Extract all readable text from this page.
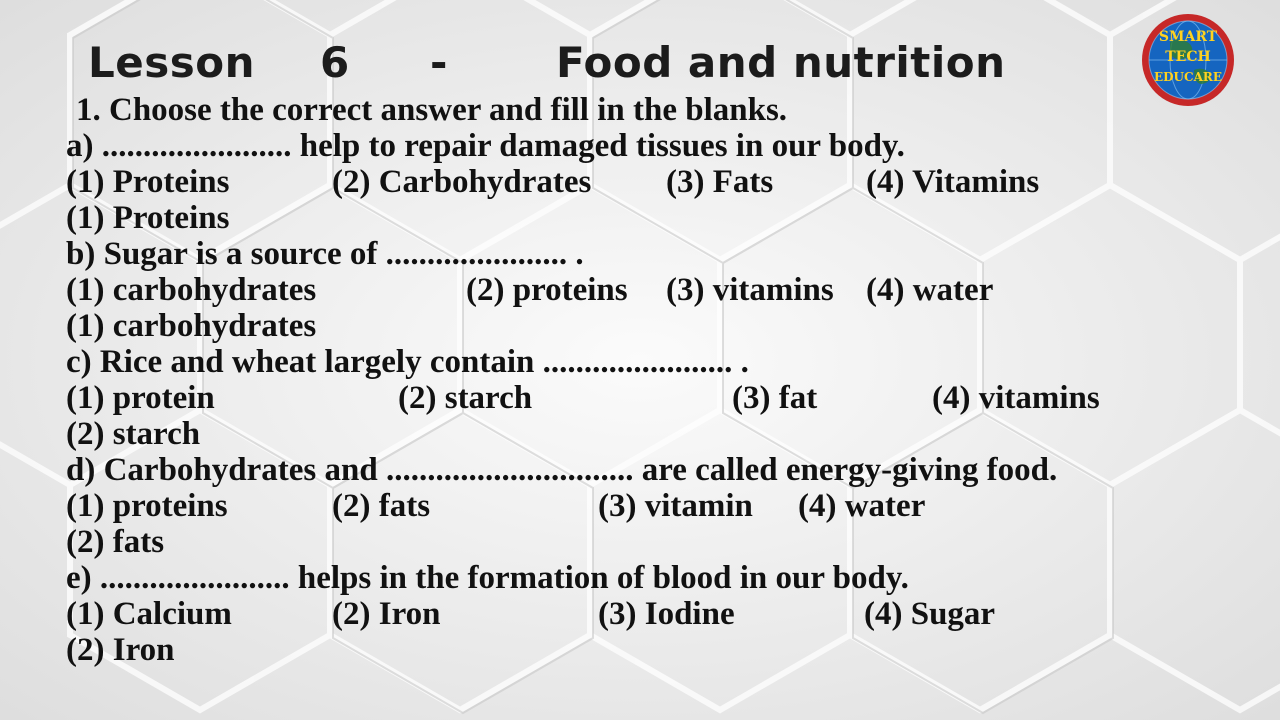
Lesson 6 -	Food and nutrition
SMART
TECH
EDUCARE
1. Choose the correct answer and fill in the blanks.
a) ....................... help to repair damaged tissues in our body.
(1) Proteins	(2) Carbohydrates (3) Fats	(4) Vitamins
(1) Proteins
b) Sugar is a source of ...................... .
(1) carbohydrates	(2) proteins (3) vitamins (4) water
(1) carbohydrates
c) Rice and wheat largely contain ....................... .
(1) protein	(2) starch	(3) fat	(4) vitamins
(2) starch
d) Carbohydrates and .............................. are called energy-giving food.
(1) proteins	(2) fats	(3) vitamin (4) water
(2) fats
e) ....................... helps in the formation of blood in our body.
(1) Calcium	(2) Iron	(3) Iodine	(4) Sugar
(2) Iron
